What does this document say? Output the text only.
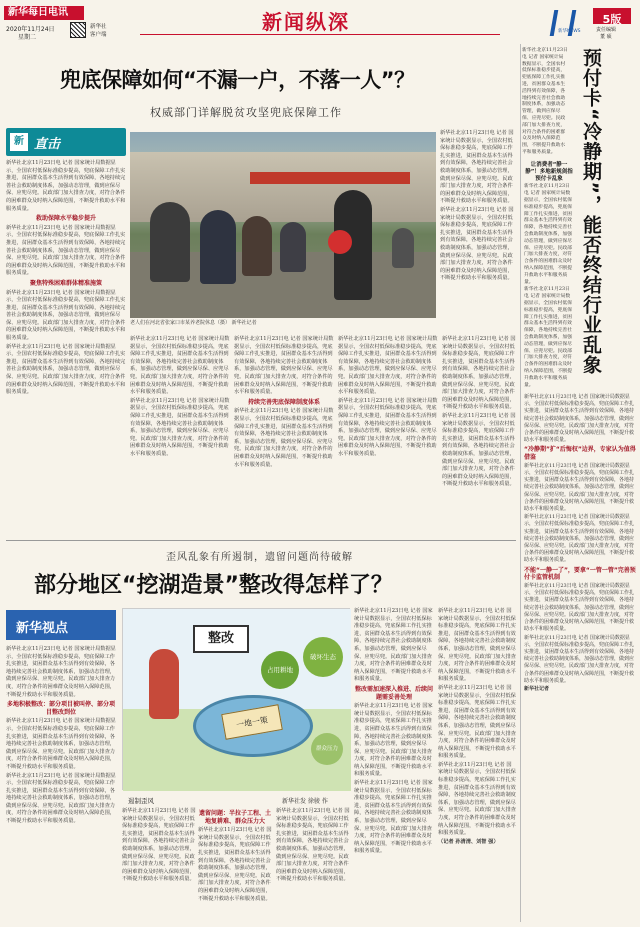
新华每日电讯
2020年11月24日
星期二
新华社
客户端
新闻纵深	新华NEWS
5版
责任编辑
董 硕
兜底保障如何“不漏一户，不落一人”？
权威部门详解脱贫攻坚兜底保障工作
新 直击

新华社北京11月23日电 记者 国家统计局数据显示，全国农村低保标准稳步提高，兜底保障工作扎实推进，贫困群众基本生活得到有效保障，各地持续完善社会救助制度体系，加强动态管理，做到应保尽保、应兜尽兜。民政部门加大排查力度，对符合条件的困难群众及时纳入保障范围，不断提升救助水平和服务质量。

救助保障水平稳步提升

新华社北京11月23日电 记者 国家统计局数据显示，全国农村低保标准稳步提高，兜底保障工作扎实推进，贫困群众基本生活得到有效保障，各地持续完善社会救助制度体系，加强动态管理，做到应保尽保、应兜尽兜。民政部门加大排查力度，对符合条件的困难群众及时纳入保障范围，不断提升救助水平和服务质量。

聚焦特殊困难群体精准施策

新华社北京11月23日电 记者 国家统计局数据显示，全国农村低保标准稳步提高，兜底保障工作扎实推进，贫困群众基本生活得到有效保障，各地持续完善社会救助制度体系，加强动态管理，做到应保尽保、应兜尽兜。民政部门加大排查力度，对符合条件的困难群众及时纳入保障范围，不断提升救助水平和服务质量。

新华社北京11月23日电 记者 国家统计局数据显示，全国农村低保标准稳步提高，兜底保障工作扎实推进，贫困群众基本生活得到有效保障，各地持续完善社会救助制度体系，加强动态管理，做到应保尽保、应兜尽兜。民政部门加大排查力度，对符合条件的困难群众及时纳入保障范围，不断提升救助水平和服务质量。

老人们在河北省张家口市某养老院休息（摄） 新华社记者

新华社北京11月23日电 记者 国家统计局数据显示，全国农村低保标准稳步提高，兜底保障工作扎实推进，贫困群众基本生活得到有效保障，各地持续完善社会救助制度体系，加强动态管理，做到应保尽保、应兜尽兜。民政部门加大排查力度，对符合条件的困难群众及时纳入保障范围，不断提升救助水平和服务质量。

新华社北京11月23日电 记者 国家统计局数据显示，全国农村低保标准稳步提高，兜底保障工作扎实推进，贫困群众基本生活得到有效保障，各地持续完善社会救助制度体系，加强动态管理，做到应保尽保、应兜尽兜。民政部门加大排查力度，对符合条件的困难群众及时纳入保障范围，不断提升救助水平和服务质量。

新华社北京11月23日电 记者 国家统计局数据显示，全国农村低保标准稳步提高，兜底保障工作扎实推进，贫困群众基本生活得到有效保障，各地持续完善社会救助制度体系，加强动态管理，做到应保尽保、应兜尽兜。民政部门加大排查力度，对符合条件的困难群众及时纳入保障范围，不断提升救助水平和服务质量。

持续完善兜底保障制度体系

新华社北京11月23日电 记者 国家统计局数据显示，全国农村低保标准稳步提高，兜底保障工作扎实推进，贫困群众基本生活得到有效保障，各地持续完善社会救助制度体系，加强动态管理，做到应保尽保、应兜尽兜。民政部门加大排查力度，对符合条件的困难群众及时纳入保障范围，不断提升救助水平和服务质量。

新华社北京11月23日电 记者 国家统计局数据显示，全国农村低保标准稳步提高，兜底保障工作扎实推进，贫困群众基本生活得到有效保障，各地持续完善社会救助制度体系，加强动态管理，做到应保尽保、应兜尽兜。民政部门加大排查力度，对符合条件的困难群众及时纳入保障范围，不断提升救助水平和服务质量。

新华社北京11月23日电 记者 国家统计局数据显示，全国农村低保标准稳步提高，兜底保障工作扎实推进，贫困群众基本生活得到有效保障，各地持续完善社会救助制度体系，加强动态管理，做到应保尽保、应兜尽兜。民政部门加大排查力度，对符合条件的困难群众及时纳入保障范围，不断提升救助水平和服务质量。

新华社北京11月23日电 记者 国家统计局数据显示，全国农村低保标准稳步提高，兜底保障工作扎实推进，贫困群众基本生活得到有效保障，各地持续完善社会救助制度体系，加强动态管理，做到应保尽保、应兜尽兜。民政部门加大排查力度，对符合条件的困难群众及时纳入保障范围，不断提升救助水平和服务质量。

新华社北京11月23日电 记者 国家统计局数据显示，全国农村低保标准稳步提高，兜底保障工作扎实推进，贫困群众基本生活得到有效保障，各地持续完善社会救助制度体系，加强动态管理，做到应保尽保、应兜尽兜。民政部门加大排查力度，对符合条件的困难群众及时纳入保障范围，不断提升救助水平和服务质量。

新华社北京11月23日电 记者 国家统计局数据显示，全国农村低保标准稳步提高，兜底保障工作扎实推进，贫困群众基本生活得到有效保障，各地持续完善社会救助制度体系，加强动态管理，做到应保尽保、应兜尽兜。民政部门加大排查力度，对符合条件的困难群众及时纳入保障范围，不断提升救助水平和服务质量。

新华社北京11月23日电 记者 国家统计局数据显示，全国农村低保标准稳步提高，兜底保障工作扎实推进，贫困群众基本生活得到有效保障，各地持续完善社会救助制度体系，加强动态管理，做到应保尽保、应兜尽兜。民政部门加大排查力度，对符合条件的困难群众及时纳入保障范围，不断提升救助水平和服务质量。

歪风乱象有所遏制，遗留问题尚待破解
部分地区“挖湖造景”整改得怎样了？
新华视点

新华社北京11月23日电 记者 国家统计局数据显示，全国农村低保标准稳步提高，兜底保障工作扎实推进，贫困群众基本生活得到有效保障，各地持续完善社会救助制度体系，加强动态管理，做到应保尽保、应兜尽兜。民政部门加大排查力度，对符合条件的困难群众及时纳入保障范围，不断提升救助水平和服务质量。

多地积极整改：部分项目被叫停、部分项目整改到位

新华社北京11月23日电 记者 国家统计局数据显示，全国农村低保标准稳步提高，兜底保障工作扎实推进，贫困群众基本生活得到有效保障，各地持续完善社会救助制度体系，加强动态管理，做到应保尽保、应兜尽兜。民政部门加大排查力度，对符合条件的困难群众及时纳入保障范围，不断提升救助水平和服务质量。

新华社北京11月23日电 记者 国家统计局数据显示，全国农村低保标准稳步提高，兜底保障工作扎实推进，贫困群众基本生活得到有效保障，各地持续完善社会救助制度体系，加强动态管理，做到应保尽保、应兜尽兜。民政部门加大排查力度，对符合条件的困难群众及时纳入保障范围，不断提升救助水平和服务质量。

整改
破坏生态
占用耕地
一地一策
群众压力
遏制歪风	新华社发 徐骏 作

新华社北京11月23日电 记者 国家统计局数据显示，全国农村低保标准稳步提高，兜底保障工作扎实推进，贫困群众基本生活得到有效保障，各地持续完善社会救助制度体系，加强动态管理，做到应保尽保、应兜尽兜。民政部门加大排查力度，对符合条件的困难群众及时纳入保障范围，不断提升救助水平和服务质量。

遗留问题：半拉子工程、土地复耕难、群众压力大

新华社北京11月23日电 记者 国家统计局数据显示，全国农村低保标准稳步提高，兜底保障工作扎实推进，贫困群众基本生活得到有效保障，各地持续完善社会救助制度体系，加强动态管理，做到应保尽保、应兜尽兜。民政部门加大排查力度，对符合条件的困难群众及时纳入保障范围，不断提升救助水平和服务质量。

新华社北京11月23日电 记者 国家统计局数据显示，全国农村低保标准稳步提高，兜底保障工作扎实推进，贫困群众基本生活得到有效保障，各地持续完善社会救助制度体系，加强动态管理，做到应保尽保、应兜尽兜。民政部门加大排查力度，对符合条件的困难群众及时纳入保障范围，不断提升救助水平和服务质量。

新华社北京11月23日电 记者 国家统计局数据显示，全国农村低保标准稳步提高，兜底保障工作扎实推进，贫困群众基本生活得到有效保障，各地持续完善社会救助制度体系，加强动态管理，做到应保尽保、应兜尽兜。民政部门加大排查力度，对符合条件的困难群众及时纳入保障范围，不断提升救助水平和服务质量。

整改需加速深入推进、后续问题需妥善处理

新华社北京11月23日电 记者 国家统计局数据显示，全国农村低保标准稳步提高，兜底保障工作扎实推进，贫困群众基本生活得到有效保障，各地持续完善社会救助制度体系，加强动态管理，做到应保尽保、应兜尽兜。民政部门加大排查力度，对符合条件的困难群众及时纳入保障范围，不断提升救助水平和服务质量。

新华社北京11月23日电 记者 国家统计局数据显示，全国农村低保标准稳步提高，兜底保障工作扎实推进，贫困群众基本生活得到有效保障，各地持续完善社会救助制度体系，加强动态管理，做到应保尽保、应兜尽兜。民政部门加大排查力度，对符合条件的困难群众及时纳入保障范围，不断提升救助水平和服务质量。

新华社北京11月23日电 记者 国家统计局数据显示，全国农村低保标准稳步提高，兜底保障工作扎实推进，贫困群众基本生活得到有效保障，各地持续完善社会救助制度体系，加强动态管理，做到应保尽保、应兜尽兜。民政部门加大排查力度，对符合条件的困难群众及时纳入保障范围，不断提升救助水平和服务质量。

新华社北京11月23日电 记者 国家统计局数据显示，全国农村低保标准稳步提高，兜底保障工作扎实推进，贫困群众基本生活得到有效保障，各地持续完善社会救助制度体系，加强动态管理，做到应保尽保、应兜尽兜。民政部门加大排查力度，对符合条件的困难群众及时纳入保障范围，不断提升救助水平和服务质量。

新华社北京11月23日电 记者 国家统计局数据显示，全国农村低保标准稳步提高，兜底保障工作扎实推进，贫困群众基本生活得到有效保障，各地持续完善社会救助制度体系，加强动态管理，做到应保尽保、应兜尽兜。民政部门加大排查力度，对符合条件的困难群众及时纳入保障范围，不断提升救助水平和服务质量。

（记者 孙清清、刘智 强）

新华社北京11月23日电 记者 国家统计局数据显示，全国农村低保标准稳步提高，兜底保障工作扎实推进，贫困群众基本生活得到有效保障，各地持续完善社会救助制度体系，加强动态管理，做到应保尽保、应兜尽兜。民政部门加大排查力度，对符合条件的困难群众及时纳入保障范围，不断提升救助水平和服务质量。	预付卡“冷静期”，能否终结行业乱象
让消费者“静一静”！多地新规剑指预付卡乱象

新华社北京11月23日电 记者 国家统计局数据显示，全国农村低保标准稳步提高，兜底保障工作扎实推进，贫困群众基本生活得到有效保障，各地持续完善社会救助制度体系，加强动态管理，做到应保尽保、应兜尽兜。民政部门加大排查力度，对符合条件的困难群众及时纳入保障范围，不断提升救助水平和服务质量。

新华社北京11月23日电 记者 国家统计局数据显示，全国农村低保标准稳步提高，兜底保障工作扎实推进，贫困群众基本生活得到有效保障，各地持续完善社会救助制度体系，加强动态管理，做到应保尽保、应兜尽兜。民政部门加大排查力度，对符合条件的困难群众及时纳入保障范围，不断提升救助水平和服务质量。

新华社北京11月23日电 记者 国家统计局数据显示，全国农村低保标准稳步提高，兜底保障工作扎实推进，贫困群众基本生活得到有效保障，各地持续完善社会救助制度体系，加强动态管理，做到应保尽保、应兜尽兜。民政部门加大排查力度，对符合条件的困难群众及时纳入保障范围，不断提升救助水平和服务质量。

“冷静期”扩“后悔权”边界，专家认为值得借鉴

新华社北京11月23日电 记者 国家统计局数据显示，全国农村低保标准稳步提高，兜底保障工作扎实推进，贫困群众基本生活得到有效保障，各地持续完善社会救助制度体系，加强动态管理，做到应保尽保、应兜尽兜。民政部门加大排查力度，对符合条件的困难群众及时纳入保障范围，不断提升救助水平和服务质量。

新华社北京11月23日电 记者 国家统计局数据显示，全国农村低保标准稳步提高，兜底保障工作扎实推进，贫困群众基本生活得到有效保障，各地持续完善社会救助制度体系，加强动态管理，做到应保尽保、应兜尽兜。民政部门加大排查力度，对符合条件的困难群众及时纳入保障范围，不断提升救助水平和服务质量。

不能“一静一了”，要拿“一管一管”完善预付卡监管机制

新华社北京11月23日电 记者 国家统计局数据显示，全国农村低保标准稳步提高，兜底保障工作扎实推进，贫困群众基本生活得到有效保障，各地持续完善社会救助制度体系，加强动态管理，做到应保尽保、应兜尽兜。民政部门加大排查力度，对符合条件的困难群众及时纳入保障范围，不断提升救助水平和服务质量。

新华社北京11月23日电 记者 国家统计局数据显示，全国农村低保标准稳步提高，兜底保障工作扎实推进，贫困群众基本生活得到有效保障，各地持续完善社会救助制度体系，加强动态管理，做到应保尽保、应兜尽兜。民政部门加大排查力度，对符合条件的困难群众及时纳入保障范围，不断提升救助水平和服务质量。

新华社记者
